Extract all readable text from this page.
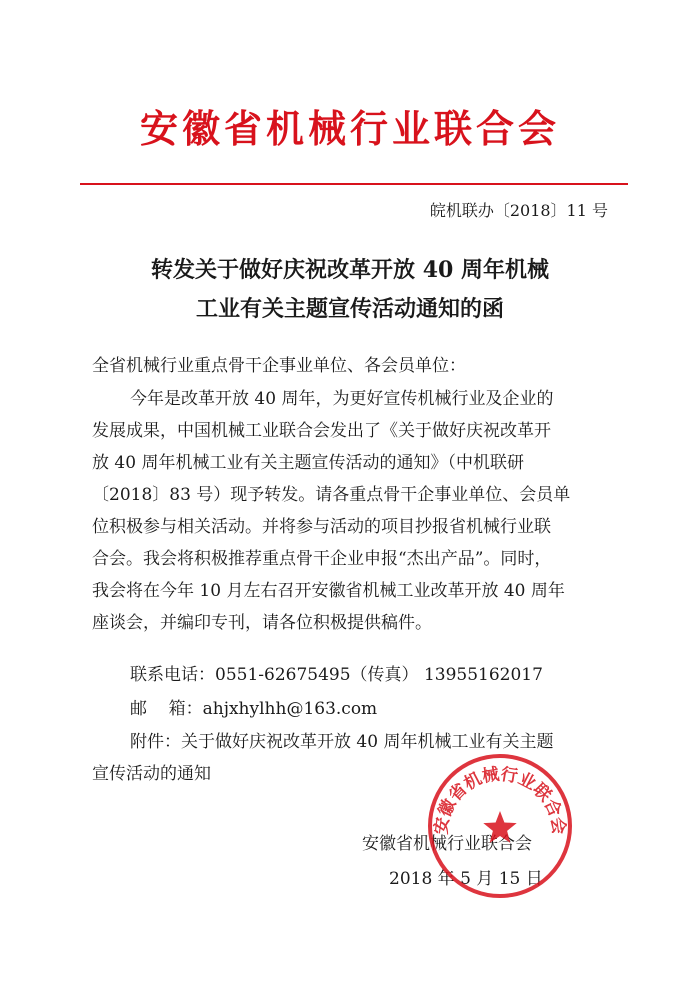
安徽省机械行业联合会
皖机联办〔2018〕11 号
转发关于做好庆祝改革开放 40 周年机械
工业有关主题宣传活动通知的函
全省机械行业重点骨干企事业单位、各会员单位：
今年是改革开放 40 周年，为更好宣传机械行业及企业的
发展成果，中国机械工业联合会发出了《关于做好庆祝改革开
放 40 周年机械工业有关主题宣传活动的通知》（中机联研
〔2018〕83 号）现予转发。请各重点骨干企事业单位、会员单
位积极参与相关活动。并将参与活动的项目抄报省机械行业联
合会。我会将积极推荐重点骨干企业申报“杰出产品”。同时，
我会将在今年 10 月左右召开安徽省机械工业改革开放 40 周年
座谈会，并编印专刊，请各位积极提供稿件。
联系电话：0551-62675495（传真） 13955162017
邮    箱：ahjxhylhh@163.com
附件：关于做好庆祝改革开放 40 周年机械工业有关主题
宣传活动的通知
安徽省机械行业联合会
2018 年 5 月 15 日
安徽省机械行业联合会
